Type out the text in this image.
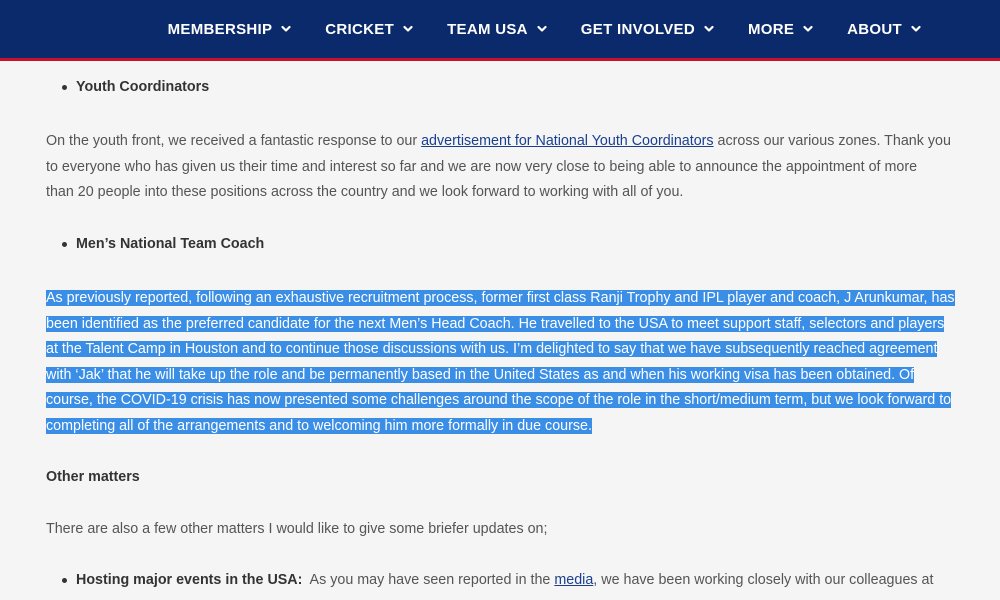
MEMBERSHIP	CRICKET	TEAM USA	GET INVOLVED	MORE	ABOUT
Youth Coordinators
On the youth front, we received a fantastic response to our advertisement for National Youth Coordinators across our various zones. Thank you
to everyone who has given us their time and interest so far and we are now very close to being able to announce the appointment of more
than 20 people into these positions across the country and we look forward to working with all of you.
Men’s National Team Coach
As previously reported, following an exhaustive recruitment process, former first class Ranji Trophy and IPL player and coach, J Arunkumar, has
been identified as the preferred candidate for the next Men’s Head Coach. He travelled to the USA to meet support staff, selectors and players
at the Talent Camp in Houston and to continue those discussions with us. I’m delighted to say that we have subsequently reached agreement
with ‘Jak’ that he will take up the role and be permanently based in the United States as and when his working visa has been obtained. Of
course, the COVID-19 crisis has now presented some challenges around the scope of the role in the short/medium term, but we look forward to
completing all of the arrangements and to welcoming him more formally in due course.
Other matters
There are also a few other matters I would like to give some briefer updates on;
Hosting major events in the USA:  As you may have seen reported in the media, we have been working closely with our colleagues at
